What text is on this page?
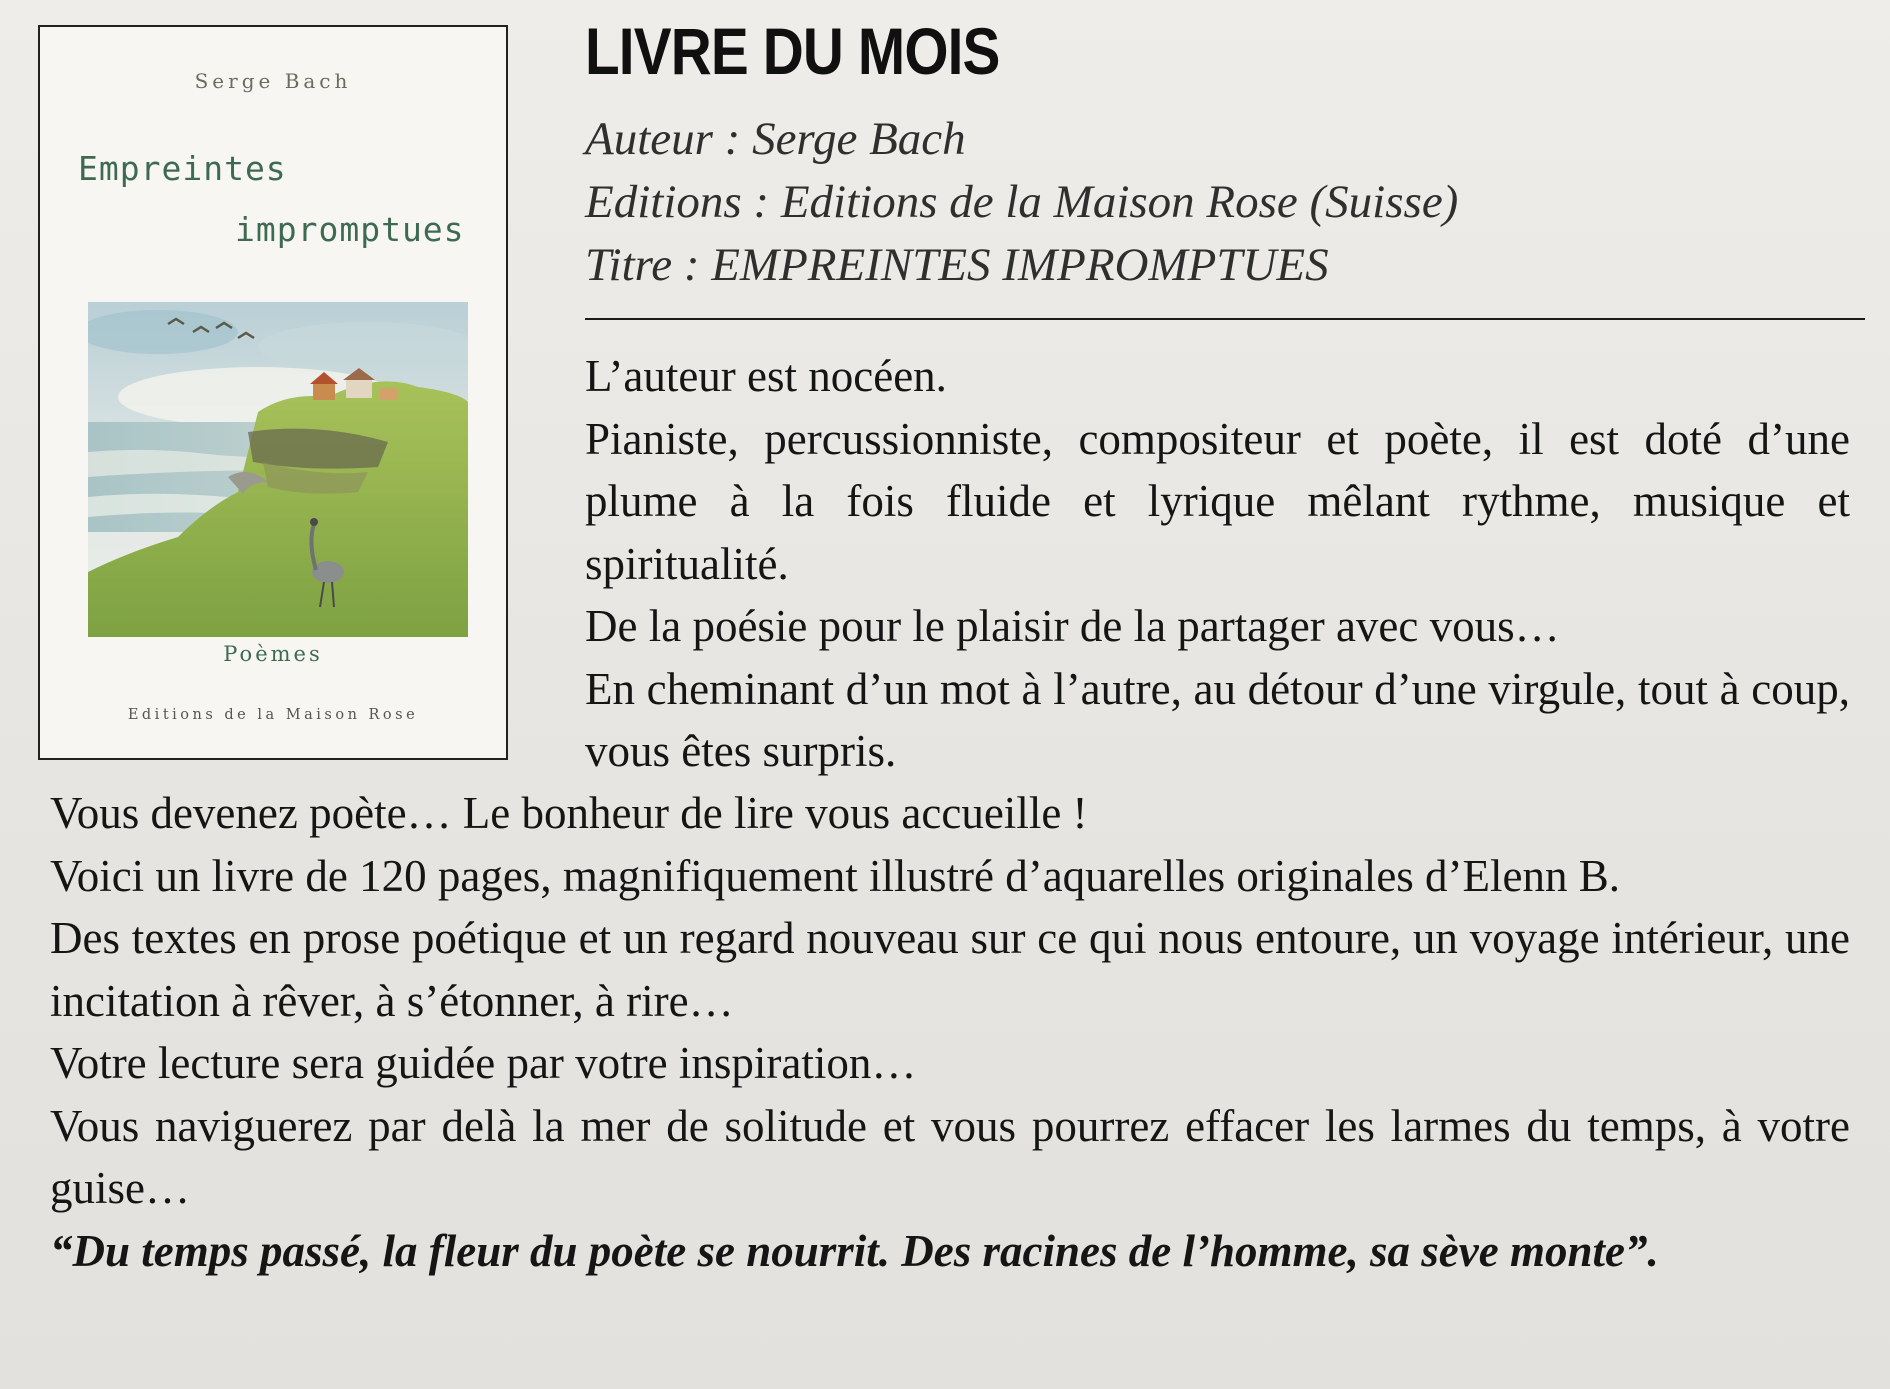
Serge Bach
Empreintes
impromptues
Poèmes
Editions de la Maison Rose
LIVRE DU MOIS
Auteur : Serge Bach
Editions : Editions de la Maison Rose (Suisse)
Titre : EMPREINTES IMPROMPTUES

L’auteur est nocéen.

Pianiste, percussionniste, compositeur et poète, il est doté d’une plume à la fois fluide et lyrique mêlant rythme, musique et spiritualité.

De la poésie pour le plaisir de la partager avec vous…

En cheminant d’un mot à l’autre, au détour d’une virgule, tout à coup, vous êtes surpris.

Vous devenez poète… Le bonheur de lire vous accueille !

Voici un livre de 120 pages, magnifiquement illustré d’aquarelles originales d’Elenn B.

Des textes en prose poétique et un regard nouveau sur ce qui nous entoure, un voyage intérieur, une incitation à rêver, à s’étonner, à rire…

Votre lecture sera guidée par votre inspiration…

Vous naviguerez par delà la mer de solitude et vous pourrez effacer les larmes du temps, à votre guise…

“Du temps passé, la fleur du poète se nourrit. Des racines de l’homme, sa sève monte”.
